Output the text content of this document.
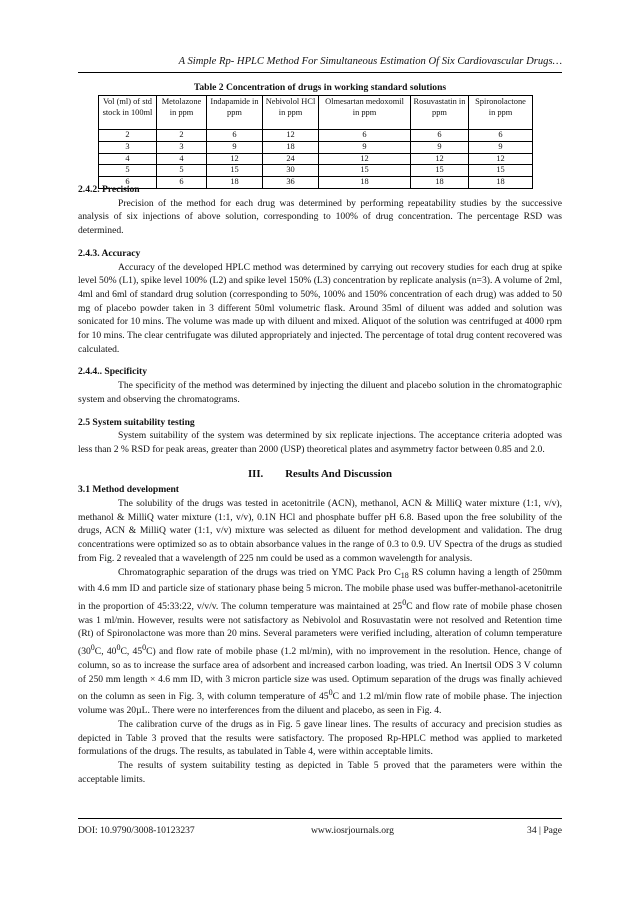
A Simple Rp- HPLC Method For Simultaneous Estimation Of Six Cardiovascular Drugs…
Table 2 Concentration of drugs in working standard solutions
Vol (ml) of std stock in 100ml	Metolazone in ppm	Indapamide in ppm	Nebivolol HCl in ppm	Olmesartan medoxomil in ppm	Rosuvastatin in ppm	Spironolactone in ppm
2	2	6	12	6	6	6
3	3	9	18	9	9	9
4	4	12	24	12	12	12
5	5	15	30	15	15	15
6	6	18	36	18	18	18

2.4.2. Precision

Precision of the method for each drug was determined by performing repeatability studies by the successive analysis of six injections of above solution, corresponding to 100% of drug concentration. The percentage RSD was determined.

2.4.3. Accuracy

Accuracy of the developed HPLC method was determined by carrying out recovery studies for each drug at spike level 50% (L1), spike level 100% (L2) and spike level 150% (L3) concentration by replicate analysis (n=3). A volume of 2ml, 4ml and 6ml of standard drug solution (corresponding to 50%, 100% and 150% concentration of each drug) was added to 50 mg of placebo powder taken in 3 different 50ml volumetric flask. Around 35ml of diluent was added and solution was sonicated for 10 mins. The volume was made up with diluent and mixed. Aliquot of the solution was centrifuged at 4000 rpm for 10 mins. The clear centrifugate was diluted appropriately and injected. The percentage of total drug content recovered was calculated.

2.4.4.. Specificity

The specificity of the method was determined by injecting the diluent and placebo solution in the chromatographic system and observing the chromatograms.

2.5 System suitability testing

System suitability of the system was determined by six replicate injections. The acceptance criteria adopted was less than 2 % RSD for peak areas, greater than 2000 (USP) theoretical plates and asymmetry factor between 0.85 and 2.0.

III. Results And Discussion

3.1 Method development

The solubility of the drugs was tested in acetonitrile (ACN), methanol, ACN & MilliQ water mixture (1:1, v/v), methanol & MilliQ water mixture (1:1, v/v), 0.1N HCl and phosphate buffer pH 6.8. Based upon the free solubility of the drugs, ACN & MilliQ water (1:1, v/v) mixture was selected as diluent for method development and validation. The drug concentrations were optimized so as to obtain absorbance values in the range of 0.3 to 0.9. UV Spectra of the drugs as studied from Fig. 2 revealed that a wavelength of 225 nm could be used as a common wavelength for analysis.

Chromatographic separation of the drugs was tried on YMC Pack Pro $C_{18}$ RS column having a length of 250mm with 4.6 mm ID and particle size of stationary phase being 5 micron. The mobile phase used was buffer-methanol-acetonitrile in the proportion of 45:33:22, v/v/v. The column temperature was maintained at $25^0C$ and flow rate of mobile phase chosen was 1 ml/min. However, results were not satisfactory as Nebivolol and Rosuvastatin were not resolved and Retention time (Rt) of Spironolactone was more than 20 mins. Several parameters were verified including, alteration of column temperature ($30^0C$, $40^0C$, $45^0C$) and flow rate of mobile phase (1.2 ml/min), with no improvement in the resolution. Hence, change of column, so as to increase the surface area of adsorbent and increased carbon loading, was tried. An Inertsil ODS 3 V column of 250 mm length × 4.6 mm ID, with 3 micron particle size was used. Optimum separation of the drugs was finally achieved on the column as seen in Fig. 3, with column temperature of $45^0C$ and 1.2 ml/min flow rate of mobile phase. The injection volume was 20µL. There were no interferences from the diluent and placebo, as seen in Fig. 4.

The calibration curve of the drugs as in Fig. 5 gave linear lines. The results of accuracy and precision studies as depicted in Table 3 proved that the results were satisfactory. The proposed Rp-HPLC method was applied to marketed formulations of the drugs. The results, as tabulated in Table 4, were within acceptable limits.

The results of system suitability testing as depicted in Table 5 proved that the parameters were within the acceptable limits.

DOI: 10.9790/3008-10123237	www.iosrjournals.org	34 | Page
